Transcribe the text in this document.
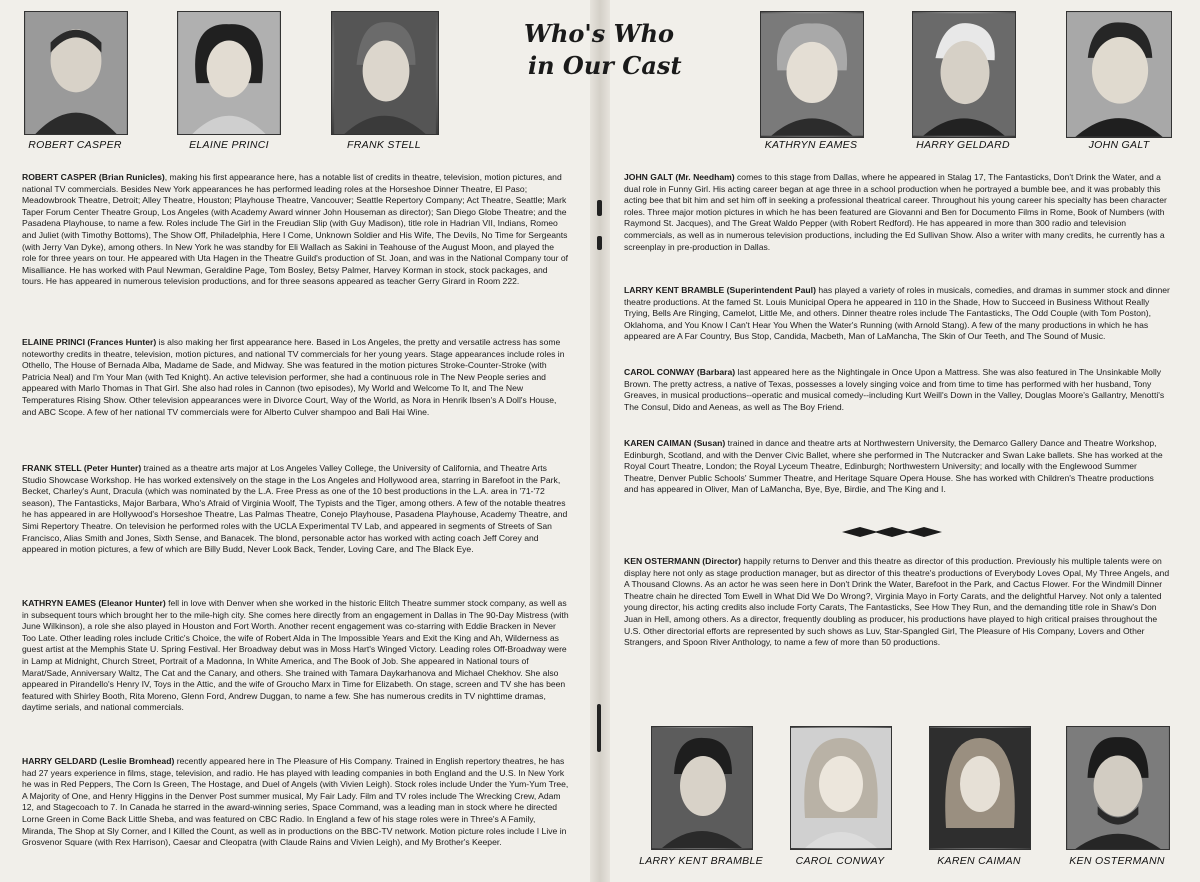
Who's Who
in Our Cast
ROBERT CASPER	ELAINE PRINCI	FRANK STELL	KATHRYN EAMES	HARRY GELDARD	JOHN GALT

ROBERT CASPER (Brian Runicles), making his first appearance here, has a notable list of credits in theatre, television, motion pictures, and national TV commercials. Besides New York appearances he has performed leading roles at the Horseshoe Dinner Theatre, El Paso; Meadowbrook Theatre, Detroit; Alley Theatre, Houston; Playhouse Theatre, Vancouver; Seattle Repertory Company; Act Theatre, Seattle; Mark Taper Forum Center Theatre Group, Los Angeles (with Academy Award winner John Houseman as director); San Diego Globe Theatre; and the Pasadena Playhouse, to name a few. Roles include The Girl in the Freudian Slip (with Guy Madison), title role in Hadrian VII, Indians, Romeo and Juliet (with Timothy Bottoms), The Show Off, Philadelphia, Here I Come, Unknown Soldier and His Wife, The Devils, No Time for Sergeants (with Jerry Van Dyke), among others. In New York he was standby for Eli Wallach as Sakini in Teahouse of the August Moon, and played the role for three years on tour. He appeared with Uta Hagen in the Theatre Guild's production of St. Joan, and was in the National Company tour of Misalliance. He has worked with Paul Newman, Geraldine Page, Tom Bosley, Betsy Palmer, Harvey Korman in stock, stock packages, and tours. He has appeared in numerous television productions, and for three seasons appeared as teacher Gerry Girard in Room 222.

ELAINE PRINCI (Frances Hunter) is also making her first appearance here. Based in Los Angeles, the pretty and versatile actress has some noteworthy credits in theatre, television, motion pictures, and national TV commercials for her young years. Stage appearances include roles in Othello, The House of Bernada Alba, Madame de Sade, and Midway. She was featured in the motion pictures Stroke-Counter-Stroke (with Patricia Neal) and I'm Your Man (with Ted Knight). An active television performer, she had a continuous role in The New People series and appeared with Marlo Thomas in That Girl. She also had roles in Cannon (two episodes), My World and Welcome To It, and The New Temperatures Rising Show. Other television appearances were in Divorce Court, Way of the World, as Nora in Henrik Ibsen's A Doll's House, and ABC Scope. A few of her national TV commercials were for Alberto Culver shampoo and Bali Hai Wine.

FRANK STELL (Peter Hunter) trained as a theatre arts major at Los Angeles Valley College, the University of California, and Theatre Arts Studio Showcase Workshop. He has worked extensively on the stage in the Los Angeles and Hollywood area, starring in Barefoot in the Park, Becket, Charley's Aunt, Dracula (which was nominated by the L.A. Free Press as one of the 10 best productions in the L.A. area in '71-'72 season), The Fantasticks, Major Barbara, Who's Afraid of Virginia Woolf, The Typists and the Tiger, among others. A few of the notable theatres he has appeared in are Hollywood's Horseshoe Theatre, Las Palmas Theatre, Conejo Playhouse, Pasadena Playhouse, Academy Theatre, and Simi Repertory Theatre. On television he performed roles with the UCLA Experimental TV Lab, and appeared in segments of Streets of San Francisco, Alias Smith and Jones, Sixth Sense, and Banacek. The blond, personable actor has worked with acting coach Jeff Corey and appeared in motion pictures, a few of which are Billy Budd, Never Look Back, Tender, Loving Care, and The Black Eye.

KATHRYN EAMES (Eleanor Hunter) fell in love with Denver when she worked in the historic Elitch Theatre summer stock company, as well as in subsequent tours which brought her to the mile-high city. She comes here directly from an engagement in Dallas in The 90-Day Mistress (with June Wilkinson), a role she also played in Houston and Fort Worth. Another recent engagement was co-starring with Eddie Bracken in Never Too Late. Other leading roles include Critic's Choice, the wife of Robert Alda in The Impossible Years and Exit the King and Ah, Wilderness as guest artist at the Memphis State U. Spring Festival. Her Broadway debut was in Moss Hart's Winged Victory. Leading roles Off-Broadway were in Lamp at Midnight, Church Street, Portrait of a Madonna, In White America, and The Book of Job. She appeared in National tours of Marat/Sade, Anniversary Waltz, The Cat and the Canary, and others. She trained with Tamara Daykarhanova and Michael Chekhov. She also appeared in Pirandello's Henry IV, Toys in the Attic, and the wife of Groucho Marx in Time for Elizabeth. On stage, screen and TV she has been featured with Shirley Booth, Rita Moreno, Glenn Ford, Andrew Duggan, to name a few. She has numerous credits in TV nighttime dramas, daytime serials, and national commercials.

HARRY GELDARD (Leslie Bromhead) recently appeared here in The Pleasure of His Company. Trained in English repertory theatres, he has had 27 years experience in films, stage, television, and radio. He has played with leading companies in both England and the U.S. In New York he was in Red Peppers, The Corn Is Green, The Hostage, and Duel of Angels (with Vivien Leigh). Stock roles include Under the Yum-Yum Tree, A Majority of One, and Henry Higgins in the Denver Post summer musical, My Fair Lady. Film and TV roles include The Wrecking Crew, Adam 12, and Stagecoach to 7. In Canada he starred in the award-winning series, Space Command, was a leading man in stock where he directed Lorne Green in Come Back Little Sheba, and was featured on CBC Radio. In England a few of his stage roles were in Three's A Family, Miranda, The Shop at Sly Corner, and I Killed the Count, as well as in productions on the BBC-TV network. Motion picture roles include I Live in Grosvenor Square (with Rex Harrison), Caesar and Cleopatra (with Claude Rains and Vivien Leigh), and My Brother's Keeper.

JOHN GALT (Mr. Needham) comes to this stage from Dallas, where he appeared in Stalag 17, The Fantasticks, Don't Drink the Water, and a dual role in Funny Girl. His acting career began at age three in a school production when he portrayed a bumble bee, and it was probably this acting bee that bit him and set him off in seeking a professional theatrical career. Throughout his young career his specialty has been character roles. Three major motion pictures in which he has been featured are Giovanni and Ben for Documento Films in Rome, Book of Numbers (with Raymond St. Jacques), and The Great Waldo Pepper (with Robert Redford). He has appeared in more than 300 radio and television commercials, as well as in numerous television productions, including the Ed Sullivan Show. Also a writer with many credits, he currently has a screenplay in pre-production in Dallas.

LARRY KENT BRAMBLE (Superintendent Paul) has played a variety of roles in musicals, comedies, and dramas in summer stock and dinner theatre productions. At the famed St. Louis Municipal Opera he appeared in 110 in the Shade, How to Succeed in Business Without Really Trying, Bells Are Ringing, Camelot, Little Me, and others. Dinner theatre roles include The Fantasticks, The Odd Couple (with Tom Poston), Oklahoma, and You Know I Can't Hear You When the Water's Running (with Arnold Stang). A few of the many productions in which he has appeared are A Far Country, Bus Stop, Candida, Macbeth, Man of LaMancha, The Skin of Our Teeth, and The Sound of Music.

CAROL CONWAY (Barbara) last appeared here as the Nightingale in Once Upon a Mattress. She was also featured in The Unsinkable Molly Brown. The pretty actress, a native of Texas, possesses a lovely singing voice and from time to time has performed with her husband, Tony Greaves, in musical productions--operatic and musical comedy--including Kurt Weill's Down in the Valley, Douglas Moore's Gallantry, Menotti's The Consul, Dido and Aeneas, as well as The Boy Friend.

KAREN CAIMAN (Susan) trained in dance and theatre arts at Northwestern University, the Demarco Gallery Dance and Theatre Workshop, Edinburgh, Scotland, and with the Denver Civic Ballet, where she performed in The Nutcracker and Swan Lake ballets. She has worked at the Royal Court Theatre, London; the Royal Lyceum Theatre, Edinburgh; Northwestern University; and locally with the Englewood Summer Theatre, Denver Public Schools' Summer Theatre, and Heritage Square Opera House. She has worked with Children's Theatre productions and has appeared in Oliver, Man of LaMancha, Bye, Bye, Birdie, and The King and I.

KEN OSTERMANN (Director) happily returns to Denver and this theatre as director of this production. Previously his multiple talents were on display here not only as stage production manager, but as director of this theatre's productions of Everybody Loves Opal, My Three Angels, and A Thousand Clowns. As an actor he was seen here in Don't Drink the Water, Barefoot in the Park, and Cactus Flower. For the Windmill Dinner Theatre chain he directed Tom Ewell in What Did We Do Wrong?, Virginia Mayo in Forty Carats, and the delightful Harvey. Not only a talented young director, his acting credits also include Forty Carats, The Fantasticks, See How They Run, and the demanding title role in Shaw's Don Juan in Hell, among others. As a director, frequently doubling as producer, his productions have played to high critical praises throughout the U.S. Other directorial efforts are represented by such shows as Luv, Star-Spangled Girl, The Pleasure of His Company, Lovers and Other Strangers, and Spoon River Anthology, to name a few of more than 50 productions.

LARRY KENT BRAMBLE	CAROL CONWAY	KAREN CAIMAN	KEN OSTERMANN
